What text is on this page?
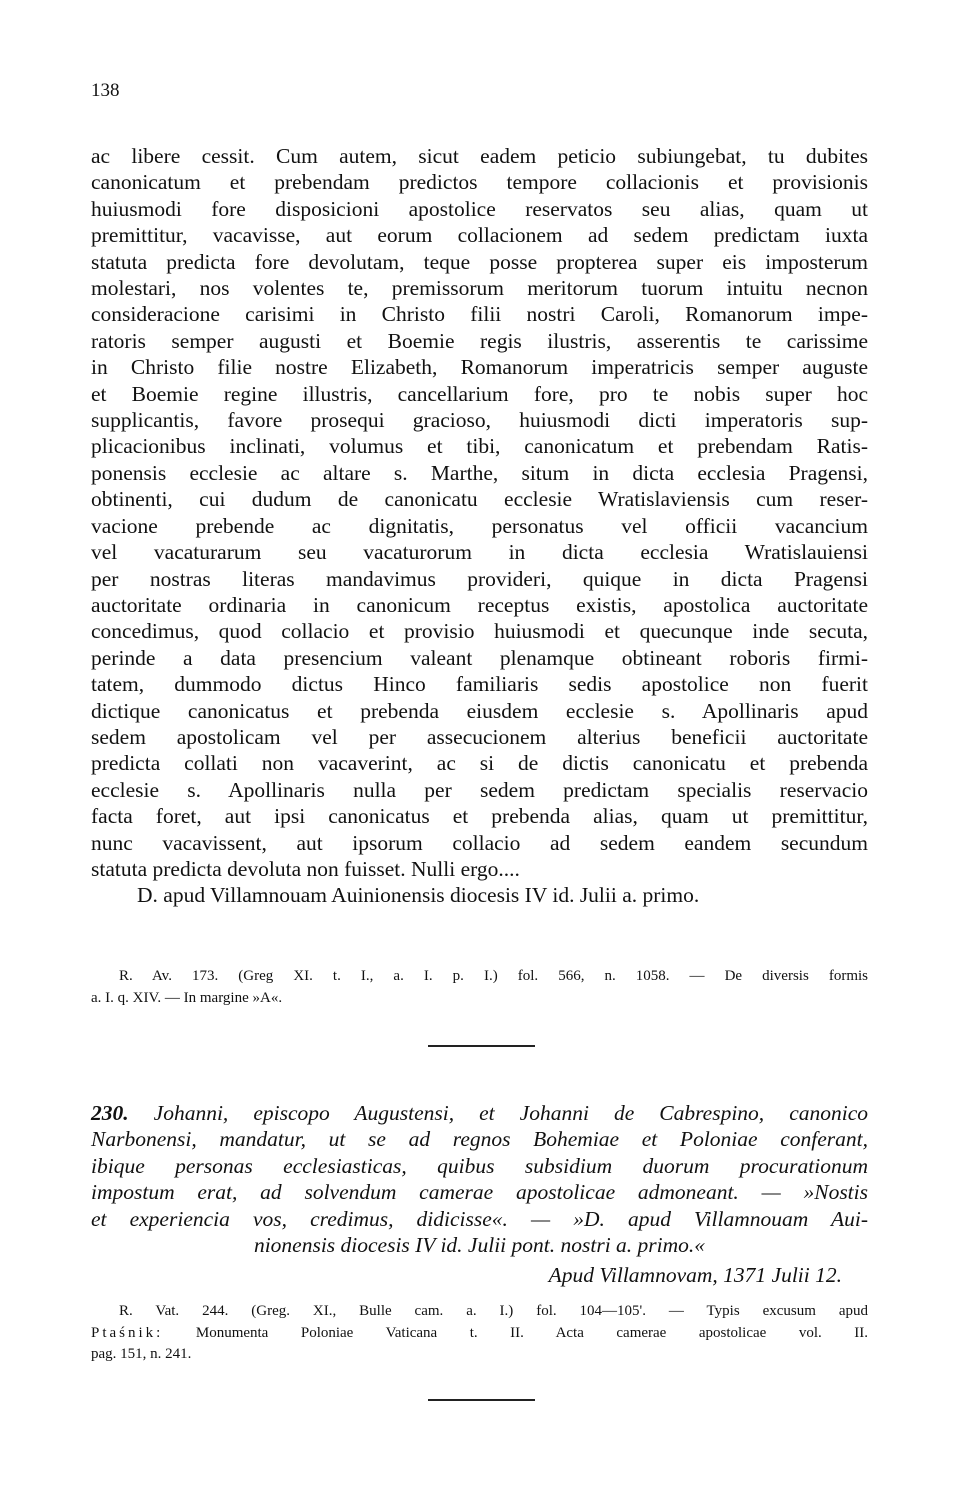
138
ac libere cessit. Cum autem, sicut eadem peticio subiungebat, tu dubites
canonicatum et prebendam predictos tempore collacionis et provisionis
huiusmodi fore disposicioni apostolice reservatos seu alias, quam ut
premittitur, vacavisse, aut eorum collacionem ad sedem predictam iuxta
statuta predicta fore devolutam, teque posse propterea super eis imposterum
molestari, nos volentes te, premissorum meritorum tuorum intuitu necnon
consideracione carisimi in Christo filii nostri Caroli, Romanorum impe-
ratoris semper augusti et Boemie regis ilustris, asserentis te carissime
in Christo filie nostre Elizabeth, Romanorum imperatricis semper auguste
et Boemie regine illustris, cancellarium fore, pro te nobis super hoc
supplicantis, favore prosequi gracioso, huiusmodi dicti imperatoris sup-
plicacionibus inclinati, volumus et tibi, canonicatum et prebendam Ratis-
ponensis ecclesie ac altare s. Marthe, situm in dicta ecclesia Pragensi,
obtinenti, cui dudum de canonicatu ecclesie Wratislaviensis cum reser-
vacione prebende ac dignitatis, personatus vel officii vacancium
vel vacaturarum seu vacaturorum in dicta ecclesia Wratislauiensi
per nostras literas mandavimus provideri, quique in dicta Pragensi
auctoritate ordinaria in canonicum receptus existis, apostolica auctoritate
concedimus, quod collacio et provisio huiusmodi et quecunque inde secuta,
perinde a data presencium valeant plenamque obtineant roboris firmi-
tatem, dummodo dictus Hinco familiaris sedis apostolice non fuerit
dictique canonicatus et prebenda eiusdem ecclesie s. Apollinaris apud
sedem apostolicam vel per assecucionem alterius beneficii auctoritate
predicta collati non vacaverint, ac si de dictis canonicatu et prebenda
ecclesie s. Apollinaris nulla per sedem predictam specialis reservacio
facta foret, aut ipsi canonicatus et prebenda alias, quam ut premittitur,
nunc vacavissent, aut ipsorum collacio ad sedem eandem secundum
statuta predicta devoluta non fuisset. Nulli ergo....
D. apud Villamnouam Auinionensis diocesis IV id. Julii a. primo.
R. Av. 173. (Greg XI. t. I., a. I. p. I.) fol. 566, n. 1058. — De diversis formis
a. I. q. XIV. — In margine »A«.
230. Johanni, episcopo Augustensi, et Johanni de Cabrespino, canonico
Narbonensi, mandatur, ut se ad regnos Bohemiae et Poloniae conferant,
ibique personas ecclesiasticas, quibus subsidium duorum procurationum
impostum erat, ad solvendum camerae apostolicae admoneant. — »Nostis
et experiencia vos, credimus, didicisse«. — »D. apud Villamnouam Aui-
nionensis diocesis IV id. Julii pont. nostri a. primo.«
Apud Villamnovam, 1371 Julii 12.
R. Vat. 244. (Greg. XI., Bulle cam. a. I.) fol. 104—105'. — Typis excusum apud
Ptaśnik: Monumenta Poloniae Vaticana t. II. Acta camerae apostolicae vol. II.
pag. 151, n. 241.
